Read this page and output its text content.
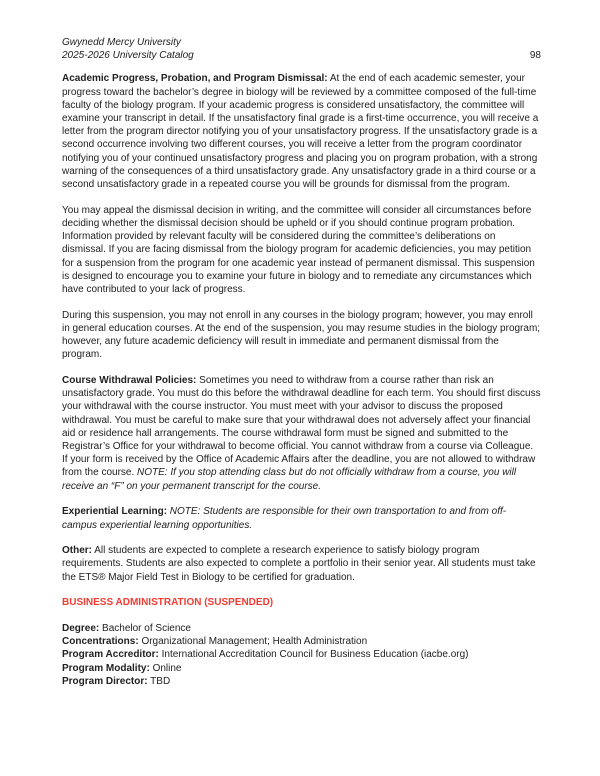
Gwynedd Mercy University
2025-2026 University Catalog	98

Academic Progress, Probation, and Program Dismissal: At the end of each academic semester, your progress toward the bachelor’s degree in biology will be reviewed by a committee composed of the full-time faculty of the biology program. If your academic progress is considered unsatisfactory, the committee will examine your transcript in detail. If the unsatisfactory final grade is a first-time occurrence, you will receive a letter from the program director notifying you of your unsatisfactory progress. If the unsatisfactory grade is a second occurrence involving two different courses, you will receive a letter from the program coordinator notifying you of your continued unsatisfactory progress and placing you on program probation, with a strong warning of the consequences of a third unsatisfactory grade. Any unsatisfactory grade in a third course or a second unsatisfactory grade in a repeated course you will be grounds for dismissal from the program.

You may appeal the dismissal decision in writing, and the committee will consider all circumstances before deciding whether the dismissal decision should be upheld or if you should continue program probation. Information provided by relevant faculty will be considered during the committee’s deliberations on dismissal. If you are facing dismissal from the biology program for academic deficiencies, you may petition for a suspension from the program for one academic year instead of permanent dismissal. This suspension is designed to encourage you to examine your future in biology and to remediate any circumstances which have contributed to your lack of progress.

During this suspension, you may not enroll in any courses in the biology program; however, you may enroll in general education courses. At the end of the suspension, you may resume studies in the biology program; however, any future academic deficiency will result in immediate and permanent dismissal from the program.

Course Withdrawal Policies: Sometimes you need to withdraw from a course rather than risk an unsatisfactory grade. You must do this before the withdrawal deadline for each term. You should first discuss your withdrawal with the course instructor. You must meet with your advisor to discuss the proposed withdrawal. You must be careful to make sure that your withdrawal does not adversely affect your financial aid or residence hall arrangements. The course withdrawal form must be signed and submitted to the Registrar’s Office for your withdrawal to become official. You cannot withdraw from a course via Colleague. If your form is received by the Office of Academic Affairs after the deadline, you are not allowed to withdraw from the course. NOTE: If you stop attending class but do not officially withdraw from a course, you will receive an “F” on your permanent transcript for the course.

Experiential Learning: NOTE: Students are responsible for their own transportation to and from off-campus experiential learning opportunities.

Other: All students are expected to complete a research experience to satisfy biology program requirements. Students are also expected to complete a portfolio in their senior year. All students must take the ETS® Major Field Test in Biology to be certified for graduation.

BUSINESS ADMINISTRATION (SUSPENDED)

Degree: Bachelor of Science
Concentrations: Organizational Management; Health Administration
Program Accreditor: International Accreditation Council for Business Education (iacbe.org)
Program Modality: Online
Program Director: TBD
